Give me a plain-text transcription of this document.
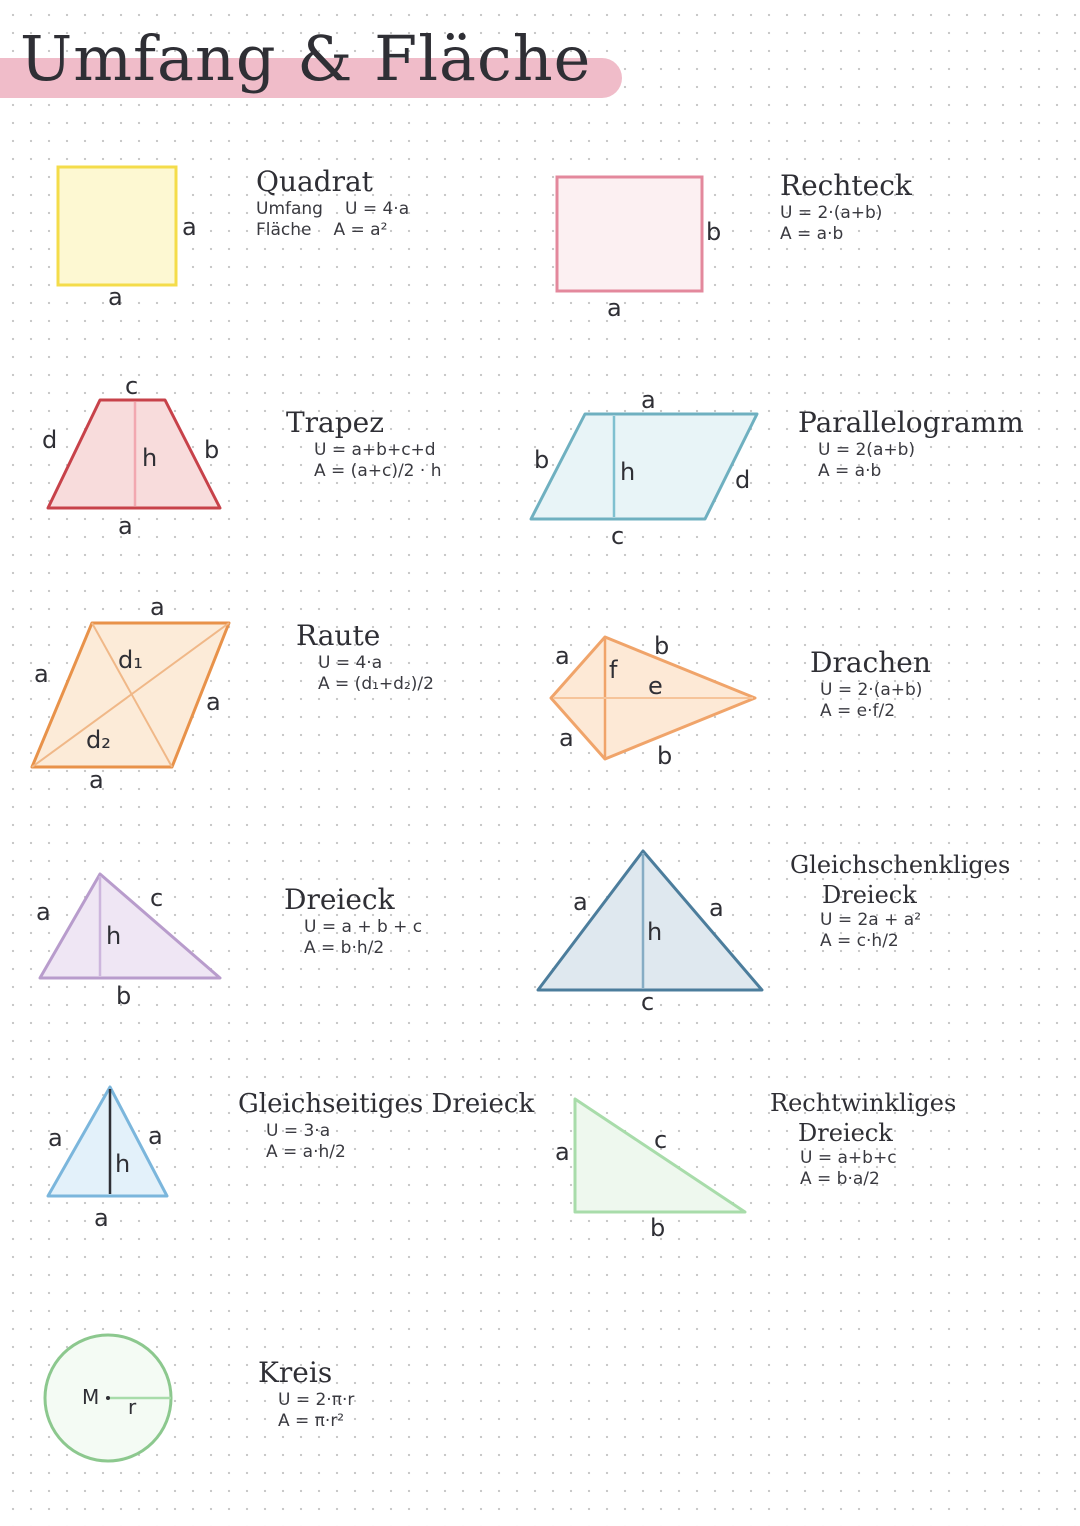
Umfang & Fläche
a
a
b
a
c
d
h b
a
a
b	h	d
c
a
a	d₁
a
d₂
a
a f
b
e
a
b
a	c
h
b
a	a
h
c
a	a
h
a
a	c
b
M r
Quadrat
Umfang U = 4·a
Fläche A = a²
Rechteck
U = 2·(a+b)
A = a·b
Trapez
U = a+b+c+d
A = (a+c)/2 · h
Parallelogramm
U = 2(a+b)
A = a·b
Raute
U = 4·a
A = (d₁+d₂)/2
Drachen
U = 2·(a+b)
A = e·f/2
Dreieck
U = a + b + c
A = b·h/2
Gleichschenkliges
Dreieck
U = 2a + a²
A = c·h/2
Gleichseitiges Dreieck
U = 3·a
A = a·h/2
Rechtwinkliges
Dreieck
U = a+b+c
A = b·a/2
Kreis
U = 2·π·r
A = π·r²
